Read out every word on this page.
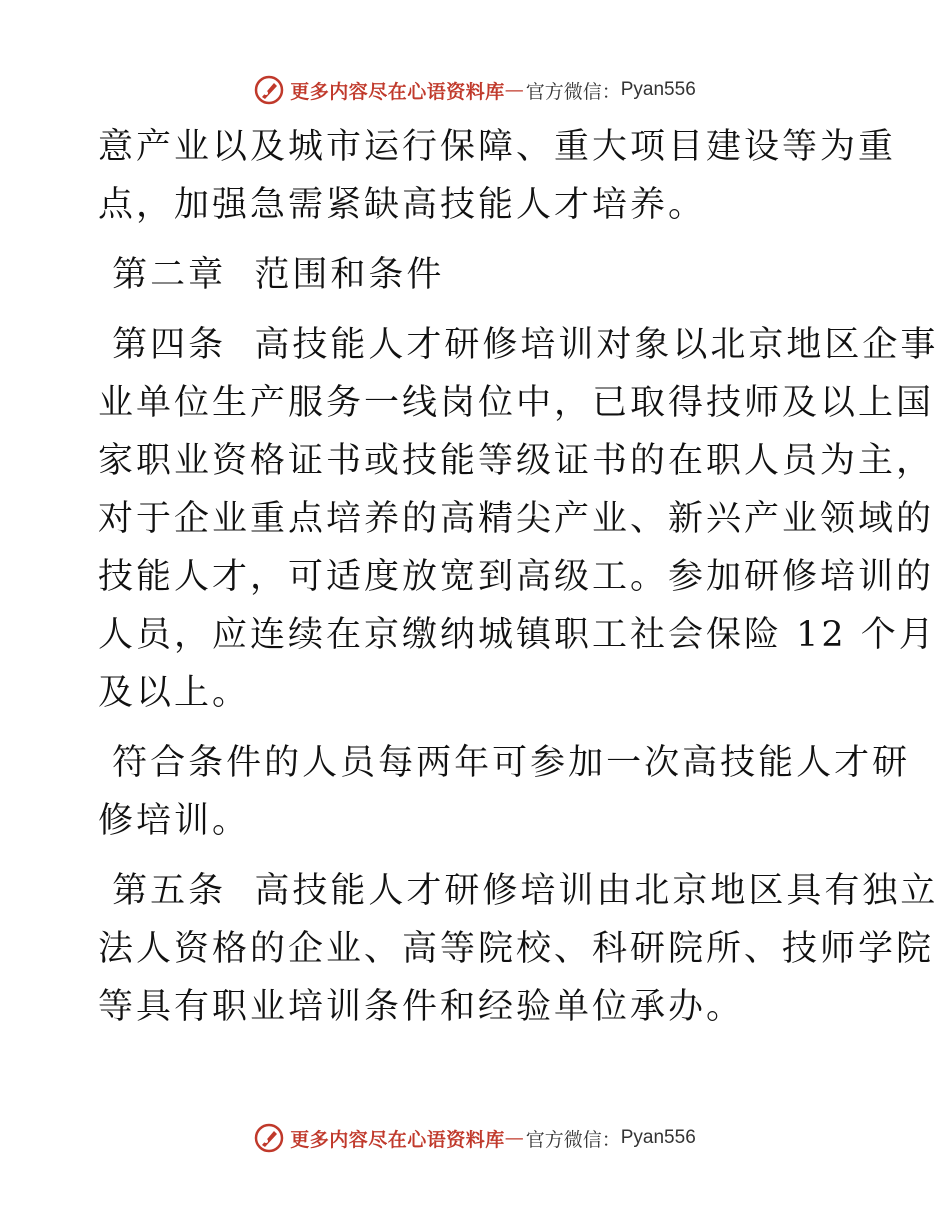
更多内容尽在心语资料库 — 官方微信： Pyan556

意产业以及城市运行保障、重大项目建设等为重
点，加强急需紧缺高技能人才培养。

第二章  范围和条件

第四条  高技能人才研修培训对象以北京地区企事
业单位生产服务一线岗位中，已取得技师及以上国
家职业资格证书或技能等级证书的在职人员为主，
对于企业重点培养的高精尖产业、新兴产业领域的
技能人才，可适度放宽到高级工。参加研修培训的
人员，应连续在京缴纳城镇职工社会保险 12 个月
及以上。

符合条件的人员每两年可参加一次高技能人才研
修培训。

第五条  高技能人才研修培训由北京地区具有独立
法人资格的企业、高等院校、科研院所、技师学院
等具有职业培训条件和经验单位承办。

更多内容尽在心语资料库 — 官方微信： Pyan556
